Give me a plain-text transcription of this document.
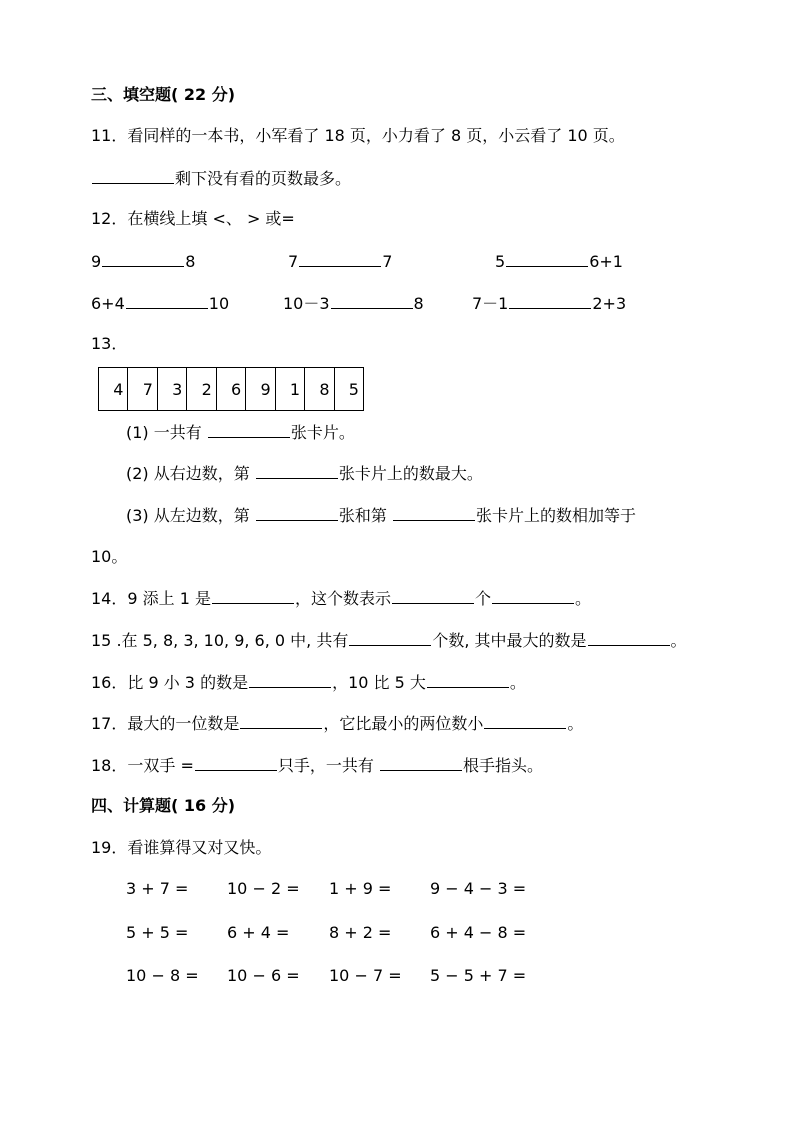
三、填空题( 22 分)
11．看同样的一本书，小军看了 18 页，小力看了 8 页，小云看了 10 页。
剩下没有看的页数最多。
12．在横线上填 <、 > 或=
9	8	7	7	5	6+1
6+4	10	10－3	8	7－1	2+3
13．
4	7	3	2	6	9	1	8	5
(1) 一共有	张卡片。
(2) 从右边数，第	张卡片上的数最大。
(3) 从左边数，第	张和第	张卡片上的数相加等于
10。
14．9 添上 1 是	，这个数表示	个	。
15 .在 5, 8, 3, 10, 9, 6, 0 中, 共有	个数, 其中最大的数是	。
16．比 9 小 3 的数是	，10 比 5 大	。
17．最大的一位数是	，它比最小的两位数小	。
18．一双手 =	只手，一共有	根手指头。
四、计算题( 16 分)
19．看谁算得又对又快。
3 + 7 = 10 − 2 = 1 + 9 = 9 − 4 − 3 =
5 + 5 = 6 + 4 = 8 + 2 = 6 + 4 − 8 =
10 − 8 = 10 − 6 = 10 − 7 = 5 − 5 + 7 =
